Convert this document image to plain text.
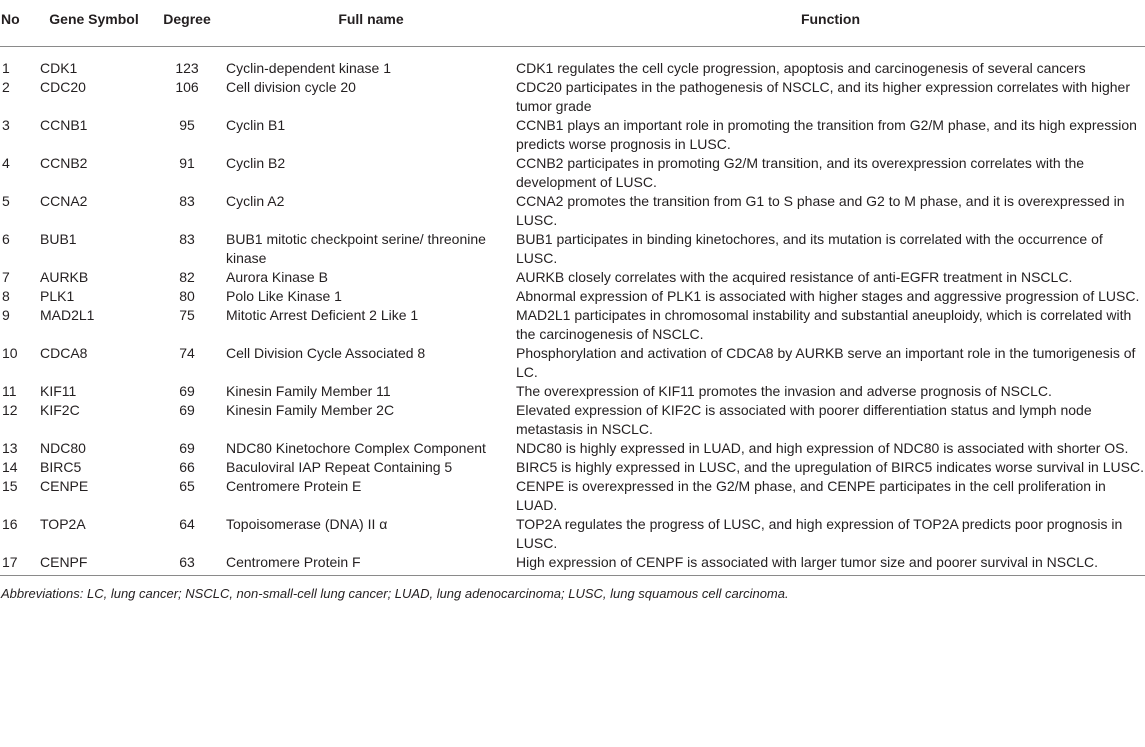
No	Gene Symbol	Degree	Full name	Function
1	CDK1	123	Cyclin-dependent kinase 1	CDK1 regulates the cell cycle progression, apoptosis and carcinogenesis of several cancers
2	CDC20	106	Cell division cycle 20	CDC20 participates in the pathogenesis of NSCLC, and its higher expression correlates with higher tumor grade
3	CCNB1	95	Cyclin B1	CCNB1 plays an important role in promoting the transition from G2/M phase, and its high expression predicts worse prognosis in LUSC.
4	CCNB2	91	Cyclin B2	CCNB2 participates in promoting G2/M transition, and its overexpression correlates with the development of LUSC.
5	CCNA2	83	Cyclin A2	CCNA2 promotes the transition from G1 to S phase and G2 to M phase, and it is overexpressed in LUSC.
6	BUB1	83	BUB1 mitotic checkpoint serine/ threonine kinase	BUB1 participates in binding kinetochores, and its mutation is correlated with the occurrence of LUSC.
7	AURKB	82	Aurora Kinase B	AURKB closely correlates with the acquired resistance of anti-EGFR treatment in NSCLC.
8	PLK1	80	Polo Like Kinase 1	Abnormal expression of PLK1 is associated with higher stages and aggressive progression of LUSC.
9	MAD2L1	75	Mitotic Arrest Deficient 2 Like 1	MAD2L1 participates in chromosomal instability and substantial aneuploidy, which is correlated with the carcinogenesis of NSCLC.
10	CDCA8	74	Cell Division Cycle Associated 8	Phosphorylation and activation of CDCA8 by AURKB serve an important role in the tumorigenesis of LC.
11	KIF11	69	Kinesin Family Member 11	The overexpression of KIF11 promotes the invasion and adverse prognosis of NSCLC.
12	KIF2C	69	Kinesin Family Member 2C	Elevated expression of KIF2C is associated with poorer differentiation status and lymph node metastasis in NSCLC.
13	NDC80	69	NDC80 Kinetochore Complex Component	NDC80 is highly expressed in LUAD, and high expression of NDC80 is associated with shorter OS.
14	BIRC5	66	Baculoviral IAP Repeat Containing 5	BIRC5 is highly expressed in LUSC, and the upregulation of BIRC5 indicates worse survival in LUSC.
15	CENPE	65	Centromere Protein E	CENPE is overexpressed in the G2/M phase, and CENPE participates in the cell proliferation in LUAD.
16	TOP2A	64	Topoisomerase (DNA) II α	TOP2A regulates the progress of LUSC, and high expression of TOP2A predicts poor prognosis in LUSC.
17	CENPF	63	Centromere Protein F	High expression of CENPF is associated with larger tumor size and poorer survival in NSCLC.
Abbreviations: LC, lung cancer; NSCLC, non-small-cell lung cancer; LUAD, lung adenocarcinoma; LUSC, lung squamous cell carcinoma.
